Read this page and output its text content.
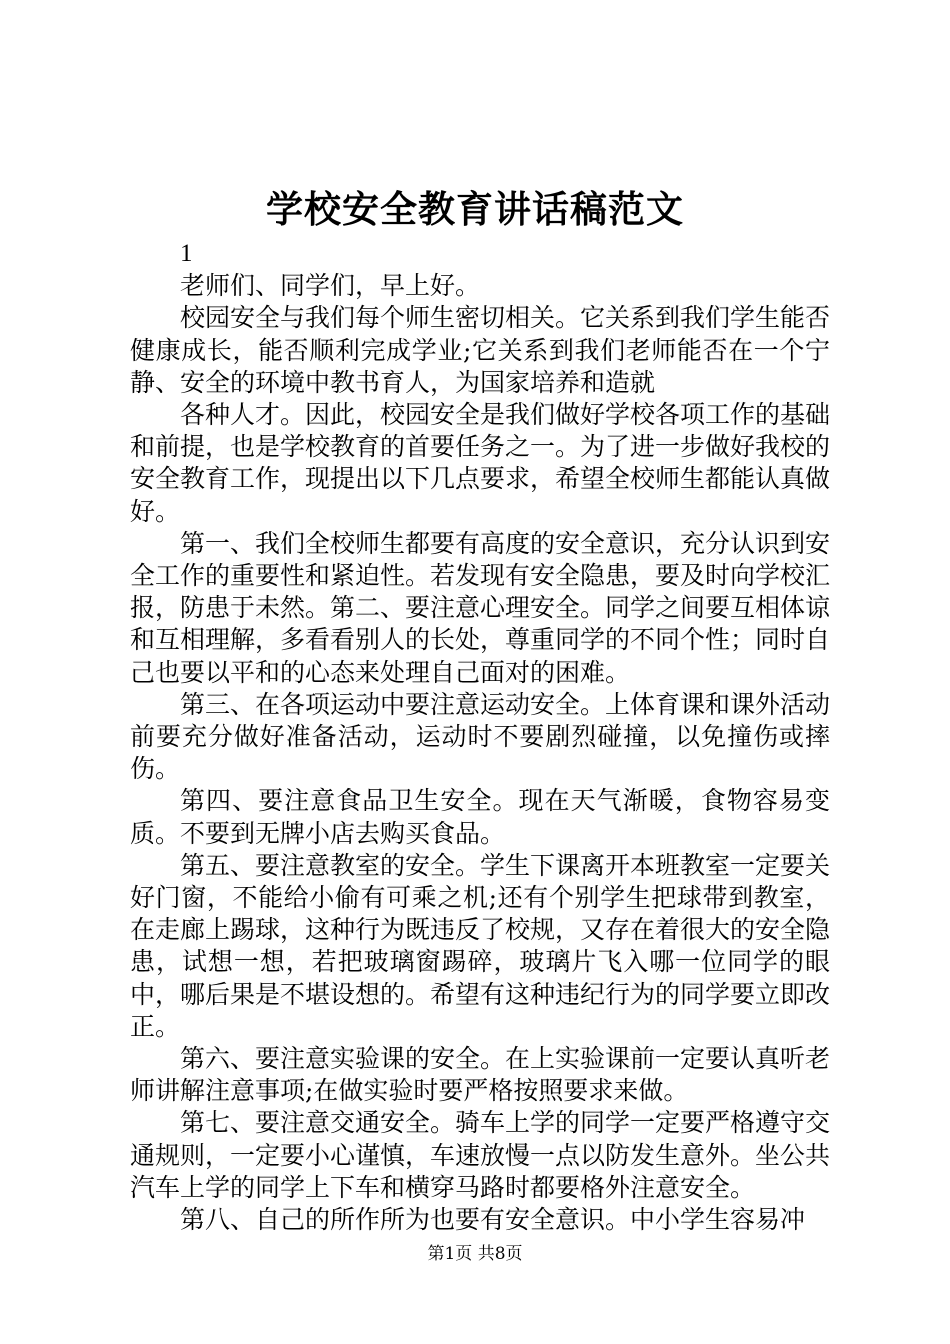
学校安全教育讲话稿范文

1

老师们、同学们，早上好。

校园安全与我们每个师生密切相关。它关系到我们学生能否健康成长，能否顺利完成学业;它关系到我们老师能否在一个宁静、安全的环境中教书育人，为国家培养和造就

各种人才。因此，校园安全是我们做好学校各项工作的基础和前提，也是学校教育的首要任务之一。为了进一步做好我校的安全教育工作，现提出以下几点要求，希望全校师生都能认真做好。

第一、我们全校师生都要有高度的安全意识，充分认识到安全工作的重要性和紧迫性。若发现有安全隐患，要及时向学校汇报，防患于未然。第二、要注意心理安全。同学之间要互相体谅和互相理解，多看看别人的长处，尊重同学的不同个性；同时自己也要以平和的心态来处理自己面对的困难。

第三、在各项运动中要注意运动安全。上体育课和课外活动前要充分做好准备活动，运动时不要剧烈碰撞，以免撞伤或摔伤。

第四、要注意食品卫生安全。现在天气渐暖，食物容易变质。不要到无牌小店去购买食品。

第五、要注意教室的安全。学生下课离开本班教室一定要关好门窗，不能给小偷有可乘之机;还有个别学生把球带到教室，在走廊上踢球，这种行为既违反了校规，又存在着很大的安全隐患，试想一想，若把玻璃窗踢碎，玻璃片飞入哪一位同学的眼中，哪后果是不堪设想的。希望有这种违纪行为的同学要立即改正。

第六、要注意实验课的安全。在上实验课前一定要认真听老师讲解注意事项;在做实验时要严格按照要求来做。

第七、要注意交通安全。骑车上学的同学一定要严格遵守交通规则，一定要小心谨慎，车速放慢一点以防发生意外。坐公共汽车上学的同学上下车和横穿马路时都要格外注意安全。

第八、自己的所作所为也要有安全意识。中小学生容易冲

第1页 共8页
